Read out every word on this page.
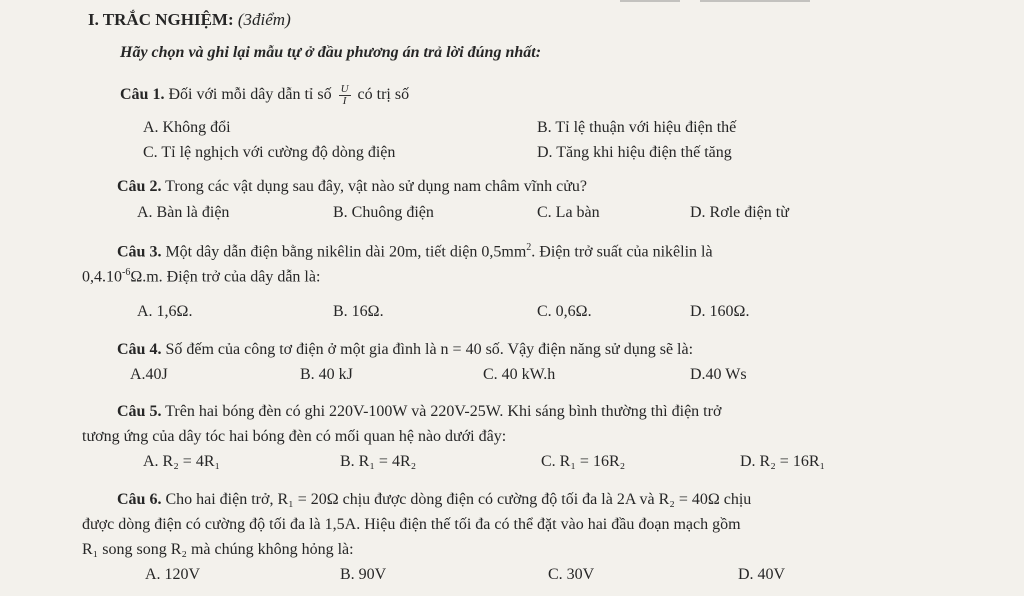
I. TRẮC NGHIỆM: (3điểm)
Hãy chọn và ghi lại mẫu tự ở đầu phương án trả lời đúng nhất:
Câu 1. Đối với mỗi dây dẫn tỉ số $\frac{U}{I}$ có trị số
A. Không đổi	B. Tỉ lệ thuận với hiệu điện thế
C. Tỉ lệ nghịch với cường độ dòng điện	D. Tăng khi hiệu điện thế tăng
Câu 2. Trong các vật dụng sau đây, vật nào sử dụng nam châm vĩnh cửu?
A. Bàn là điện	B. Chuông điện	C. La bàn	D. Rơle điện từ
Câu 3. Một dây dẫn điện bằng nikêlin dài 20m, tiết diện $0,5mm^2$. Điện trở suất của nikêlin là
$0,4.10^{-6}\Omega.m$. Điện trở của dây dẫn là:
A. 1,6Ω.	B. 16Ω.	C. 0,6Ω.	D. 160Ω.
Câu 4. Số đếm của công tơ điện ở một gia đình là n = 40 số. Vậy điện năng sử dụng sẽ là:
A.40J	B. 40 kJ	C. 40 kW.h	D.40 Ws
Câu 5. Trên hai bóng đèn có ghi 220V-100W và 220V-25W. Khi sáng bình thường thì điện trở
tương ứng của dây tóc hai bóng đèn có mối quan hệ nào dưới đây:
A. R₂ = 4R₁	B. R₁ = 4R₂	C. R₁ = 16R₂	D. R₂ = 16R₁
Câu 6. Cho hai điện trở, R₁ = 20Ω chịu được dòng điện có cường độ tối đa là 2A và R₂ = 40Ω chịu
được dòng điện có cường độ tối đa là 1,5A. Hiệu điện thế tối đa có thể đặt vào hai đầu đoạn mạch gồm
R₁ song song R₂ mà chúng không hỏng là:
A. 120V	B. 90V	C. 30V	D. 40V
